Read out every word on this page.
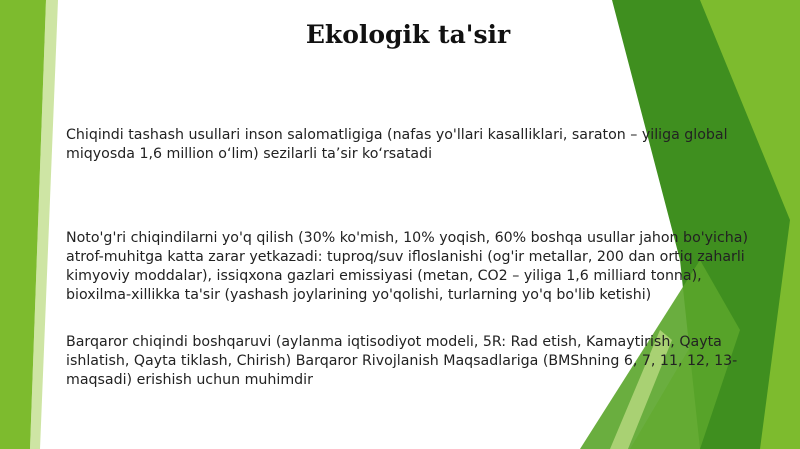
Ekologik ta'sir

Chiqindi tashash usullari inson salomatligiga (nafas yo'llari kasalliklari, saraton – yiliga global miqyosda 1,6 million o‘lim) sezilarli ta’sir ko‘rsatadi

Noto'g'ri chiqindilarni yo'q qilish (30% ko'mish, 10% yoqish, 60% boshqa usullar jahon bo'yicha) atrof-muhitga katta zarar yetkazadi: tuproq/suv ifloslanishi (og'ir metallar, 200 dan ortiq zaharli kimyoviy moddalar), issiqxona gazlari emissiyasi (metan, CO2 – yiliga 1,6 milliard tonna), bioxilma-xillikka ta'sir (yashash joylarining yo'qolishi, turlarning yo'q bo'lib ketishi)

Barqaror chiqindi boshqaruvi (aylanma iqtisodiyot modeli, 5R: Rad etish, Kamaytirish, Qayta ishlatish, Qayta tiklash, Chirish) Barqaror Rivojlanish Maqsadlariga (BMShning 6, 7, 11, 12, 13-maqsadi) erishish uchun muhimdir
